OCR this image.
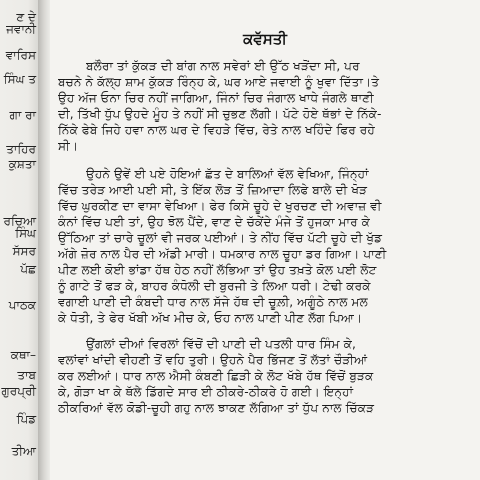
ਣ ਦੇ
ਜਵਾਨੀ
ਵਾਰਿਸ
ਸਿੰਘ ਤ
ਗਾ ਰਾ
ਤਾਹਿਰ
ਕੁਸ਼ਤਾ
ਰਚਿਆ
ਸਿੰਘ
ਸੱਸਰ
ਪੱਛ
ਪਾਠਕ
ਕਥਾ–
ਤਾਬ
ਗੁਰਪ੍ਰੀ
ਪਿੰਡ
ਤੀਆ
ਕਵੱਸਤੀ
ਬਲੌਰਾ ਤਾਂ ਕੁੱਕੜ ਦੀ ਬਾਂਗ ਨਾਲ ਸਵੇਰਾਂ ਈ ਉੱਠ ਖੜੋਂਦਾ ਸੀ, ਪਰ
ਬਚਨੇ ਨੇ ਕੱਲ੍ਹ ਸ਼ਾਮ ਕੁੱਕੜ ਰਿੰਨ੍ਹ ਕੇ, ਘਰ ਆਏ ਜਵਾਈ ਨੂੰ ਖੁਵਾ ਦਿੱਤਾ।ਤੇ
ਉਹ ਅੱਜ ਓਨਾ ਚਿਰ ਨਹੀਂ ਜਾਗਿਆ, ਜਿੰਨਾਂ ਚਿਰ ਜੰਗਾਲ ਖਾਧੇ ਜੰਗਲੇ ਥਾਣੀ
ਦੀ, ਤਿੱਖੀ ਧੁੱਪ ਉਹਦੇ ਮੂੰਹ ਤੇ ਨਹੀਂ ਸੀ ਚੁਭਣ ਲੱਗੀ। ਪੱਟੇ ਹੋਏ ਥੱਭਾਂ ਦੇ ਨਿੱਕੇ-
ਨਿੱਕੇ ਫੇਬੇ ਜਿਹੇ ਹਵਾ ਨਾਲ ਘਰ ਦੇ ਵਿਹੜੇ ਵਿੱਚ, ਰੇਤੇ ਨਾਲ ਖਹਿੰਦੇ ਫਿਰ ਰਹੇ
ਸੀ।
ਉਹਨੇ ਉਵੇਂ ਈ ਪਏ ਹੋਇਆਂ ਛੱਤ ਦੇ ਬਾਲਿਆਂ ਵੱਲ ਵੇਖਿਆ, ਜਿੰਨ੍ਹਾਂ
ਵਿੱਚ ਤਰੇੜ ਆਈ ਪਈ ਸੀ, ਤੇ ਇੱਕ ਲੋੜ ਤੋਂ ਜ਼ਿਆਦਾ ਲਿਫੇ ਬਾਲੇ ਦੀ ਖੋੜ
ਵਿੱਚ ਘੁਰਕੀਣ ਦਾ ਵਾਸਾ ਵੇਖਿਆ। ਫੇਰ ਕਿਸੇ ਚੂਹੇ ਦੇ ਖੁਰਚਣ ਦੀ ਅਵਾਜ਼ ਵੀ
ਕੰਨਾਂ ਵਿੱਚ ਪਈ ਤਾਂ, ਉਹ ਝੋਲ ਪੈਂਦੇ, ਵਾਣ ਦੇ ਚੱਕੇਂਦੇ ਮੰਜੇ ਤੋਂ ਹੁਜਕਾ ਮਾਰ ਕੇ
ਉੱਠਿਆ ਤਾਂ ਚਾਰੇ ਚੂਲਾਂ ਵੀ ਜਰਕ ਪਈਆਂ। ਤੇ ਨੀਂਹ ਵਿੱਚ ਪੱਟੀ ਚੂਹੇ ਦੀ ਖੁੱਡ
ਅੱਗੇ ਜ਼ੋਰ ਨਾਲ ਪੈਰ ਦੀ ਅੱਡੀ ਮਾਰੀ। ਧਮਕਾਰ ਨਾਲ ਚੂਹਾ ਡਰ ਗਿਆ। ਪਾਣੀ
ਪੀਣ ਲਈ ਕੋਈ ਭਾਂਡਾ ਹੱਥ ਹੇਠ ਨਹੀਂ ਲੱਭਿਆ ਤਾਂ ਉਹ ਤਖ਼ਤੇ ਕੋਲ ਪਈ ਲੋਟ
ਨੂੰ ਗਾਟੇ ਤੋਂ ਫੜ ਕੇ, ਬਾਹਰ ਕੰਧੋਲੀ ਦੀ ਬੁਰਜੀ ਤੇ ਲਿਆ ਧਰੀ। ਟੇਢੀ ਕਰਕੇ
ਵਗਾਈ ਪਾਣੀ ਦੀ ਕੰਬਦੀ ਧਾਰ ਨਾਲ ਸੱਜੇ ਹੱਥ ਦੀ ਚੂਲ਼ੀ, ਅਗੂੰਠੇ ਨਾਲ ਮਲ
ਕੇ ਧੋਤੀ, ਤੇ ਫੇਰ ਖੱਬੀ ਅੱਖ ਮੀਚ ਕੇ, ਓਹ ਨਾਲ ਪਾਣੀ ਪੀਣ ਲੱਗ ਪਿਆ।
ਉਂਗਲਾਂ ਦੀਆਂ ਵਿਰਲਾਂ ਵਿੱਚੋਂ ਦੀ ਪਾਣੀ ਦੀ ਪਤਲੀ ਧਾਰ ਸਿੰਮ ਕੇ,
ਵਲਾਂਵਾਂ ਖਾਂਦੀ ਵੀਹਣੀ ਤੋਂ ਵਹਿ ਤੁਰੀ। ਉਹਨੇ ਪੈਰ ਭਿੱਜਣ ਤੋਂ ਲੱਤਾਂ ਚੌੜੀਆਂ
ਕਰ ਲਈਆਂ। ਧਾਰ ਨਾਲ ਐਸੀ ਕੰਬਣੀ ਛਿੜੀ ਕੇ ਲੋਟ ਖੱਬੇ ਹੱਥ ਵਿੱਚੋਂ ਬੁੜਕ
ਕੇ, ਗੋੜਾ ਖਾ ਕੇ ਥੱਲੇ ਡਿੱਗਦੇ ਸਾਰ ਈ ਠੀਕਰੇ-ਠੀਕਰੇ ਹੋ ਗਈ। ਇਨ੍ਹਾਂ
ਠੀਕਰਿਆਂ ਵੱਲ ਕੋਡੀ-ਚੂਹੀ ਗਹੁ ਨਾਲ ਝਾਕਣ ਲੱਗਿਆ ਤਾਂ ਧੁੱਪ ਨਾਲ ਚਿੱਕੜ
